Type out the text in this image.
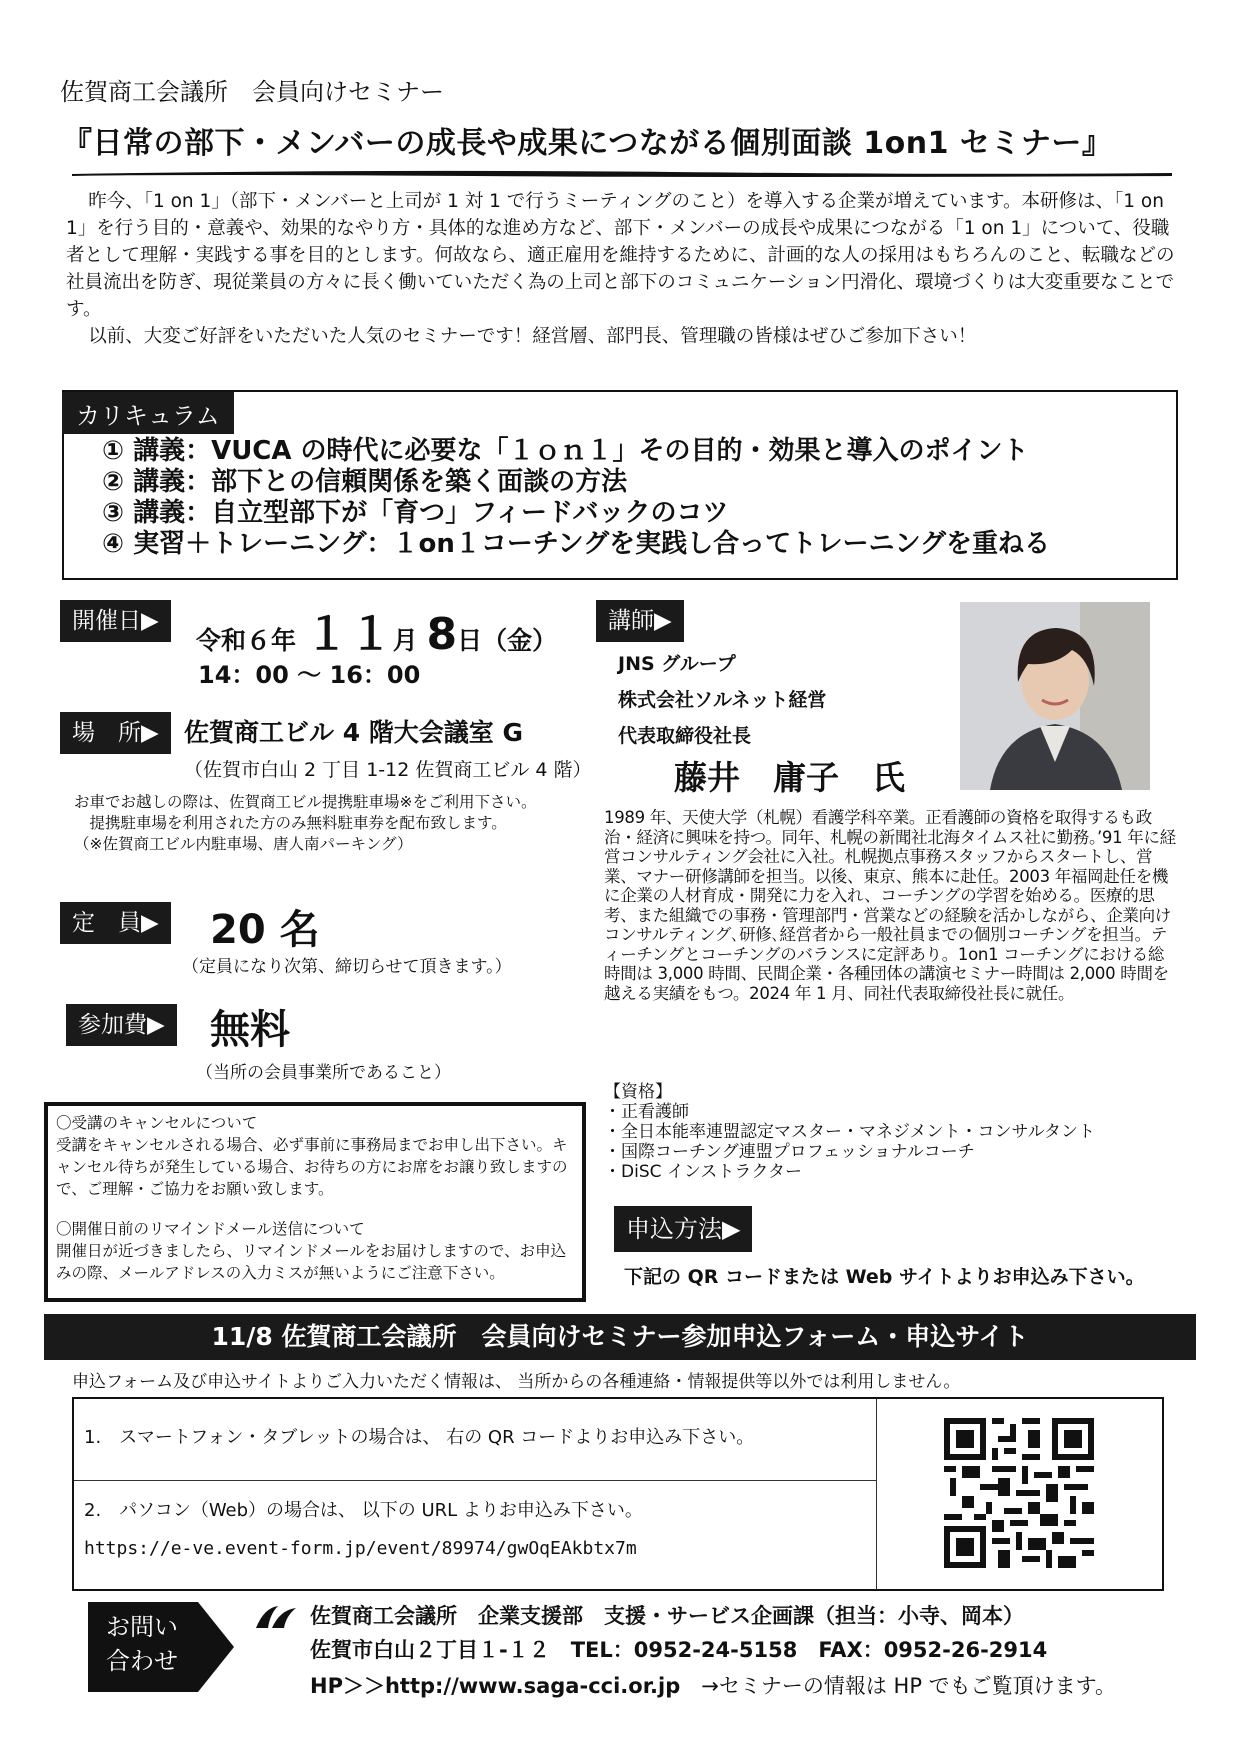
佐賀商工会議所　会員向けセミナー
『日常の部下・メンバーの成長や成果につながる個別面談 1on1 セミナー』

昨今、「1 on 1」（部下・メンバーと上司が 1 対 1 で行うミーティングのこと）を導入する企業が増えています。本研修は、「1 on 1」を行う目的・意義や、効果的なやり方・具体的な進め方など、部下・メンバーの成長や成果につながる「1 on 1」について、役職者として理解・実践する事を目的とします。何故なら、適正雇用を維持するために、計画的な人の採用はもちろんのこと、転職などの社員流出を防ぎ、現従業員の方々に長く働いていただく為の上司と部下のコミュニケーション円滑化、環境づくりは大変重要なことです。

以前、大変ご好評をいただいた人気のセミナーです！経営層、部門長、管理職の皆様はぜひご参加下さい！

カリキュラム
① 講義：VUCA の時代に必要な「１ｏｎ１」その目的・効果と導入のポイント
② 講義：部下との信頼関係を築く面談の方法
③ 講義：自立型部下が「育つ」フィードバックのコツ
④ 実習＋トレーニング：１on１コーチングを実践し合ってトレーニングを重ねる
開催日▶
令和６年 １１月 8日（金）
14：00 〜 16：00
場　所▶	佐賀商工ビル 4 階大会議室 G
（佐賀市白山 2 丁目 1-12 佐賀商工ビル 4 階）
お車でお越しの際は、佐賀商工ビル提携駐車場※をご利用下さい。
　提携駐車場を利用された方のみ無料駐車券を配布致します。
（※佐賀商工ビル内駐車場、唐人南パーキング）
定　員▶	20 名
（定員になり次第、締切らせて頂きます。）
参加費▶	無料
（当所の会員事業所であること）

〇受講のキャンセルについて

受講をキャンセルされる場合、必ず事前に事務局までお申し出下さい。キャンセル待ちが発生している場合、お待ちの方にお席をお譲り致しますので、ご理解・ご協力をお願い致します。

〇開催日前のリマインドメール送信について

開催日が近づきましたら、リマインドメールをお届けしますので、お申込みの際、メールアドレスの入力ミスが無いようにご注意下さい。

講師▶
JNS グループ
株式会社ソルネット経営
代表取締役社長
藤井　庸子　氏
1989 年、天使大学（札幌）看護学科卒業。正看護師の資格を取得するも政治・経済に興味を持つ。同年、札幌の新聞社北海タイムス社に勤務。’91 年に経営コンサルティング会社に入社。札幌拠点事務スタッフからスタートし、営業、マナー研修講師を担当。以後、東京、熊本に赴任。2003 年福岡赴任を機に企業の人材育成・開発に力を入れ、コーチングの学習を始める。医療的思考、また組織での事務・管理部門・営業などの経験を活かしながら、企業向けコンサルティング､研修､経営者から一般社員までの個別コーチングを担当。ティーチングとコーチングのバランスに定評あり。1on1 コーチングにおける総時間は 3,000 時間、民間企業・各種団体の講演セミナー時間は 2,000 時間を越える実績をもつ。2024 年 1 月、同社代表取締役社長に就任。
【資格】
・正看護師
・全日本能率連盟認定マスター・マネジメント・コンサルタント
・国際コーチング連盟プロフェッショナルコーチ
・DiSC インストラクター
申込方法▶
下記の QR コードまたは Web サイトよりお申込み下さい。
11/8 佐賀商工会議所　会員向けセミナー参加申込フォーム・申込サイト
申込フォーム及び申込サイトよりご入力いただく情報は、 当所からの各種連絡・情報提供等以外では利用しません。
1.　スマートフォン・タブレットの場合は、 右の QR コードよりお申込み下さい。
2.　パソコン（Web）の場合は、 以下の URL よりお申込み下さい。
https://e-ve.event-form.jp/event/89974/gwOqEAkbtx7m
お問い
合わせ
佐賀商工会議所　企業支援部　支援・サービス企画課（担当：小寺、岡本）
佐賀市白山２丁目１-１２　TEL：0952-24-5158　FAX：0952-26-2914
HP＞＞http://www.saga-cci.or.jp　→セミナーの情報は HP でもご覧頂けます。
